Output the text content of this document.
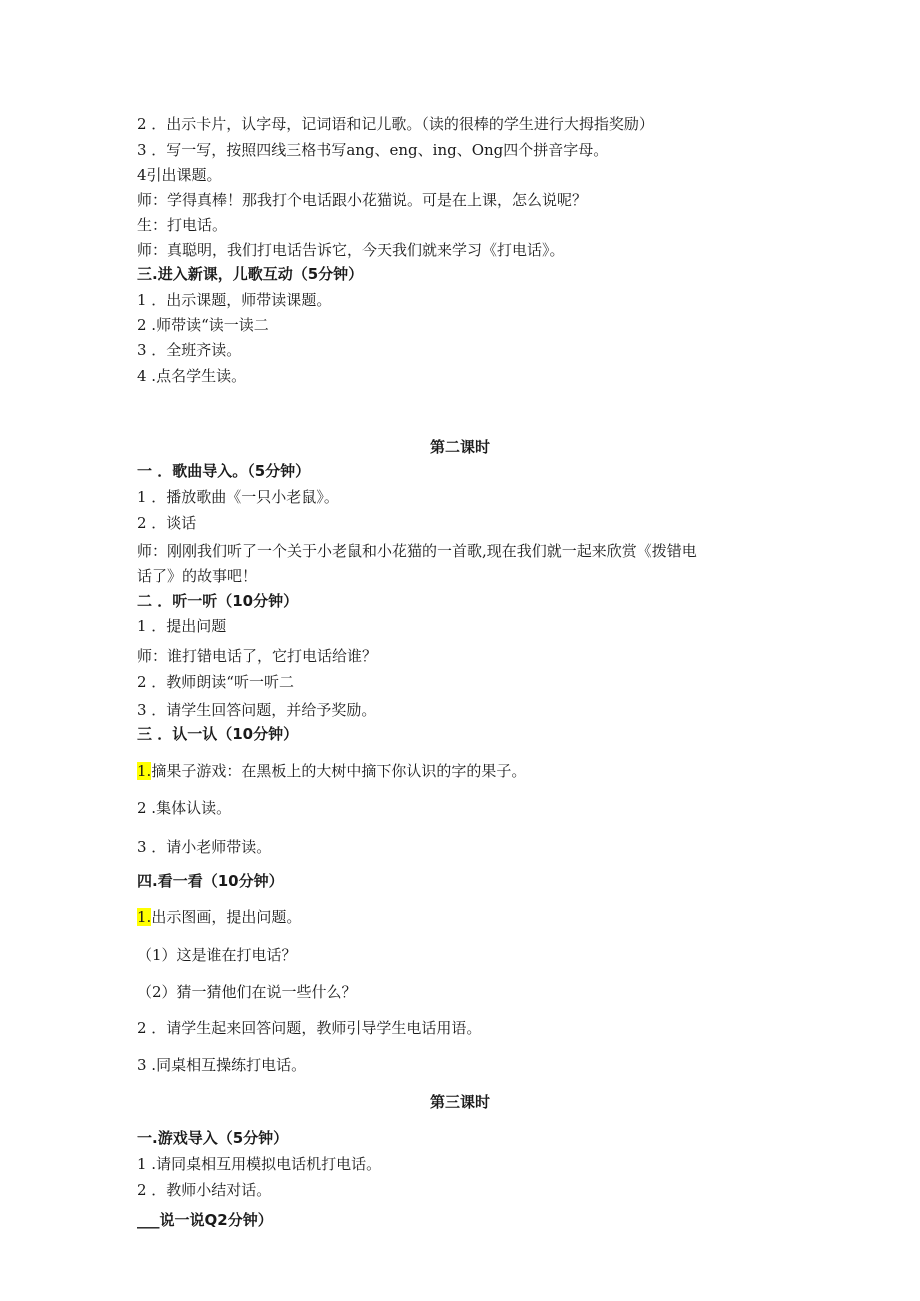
2 ．出示卡片，认字母，记词语和记儿歌。（读的很棒的学生进行大拇指奖励）
3 ．写一写，按照四线三格书写ang、eng、ing、Ong四个拼音字母。
4引出课题。
师：学得真棒！那我打个电话跟小花猫说。可是在上课，怎么说呢？
生：打电话。
师：真聪明，我们打电话告诉它，今天我们就来学习《打电话》。
三.进入新课，儿歌互动（5分钟）
1 ．出示课题，师带读课题。
2 .师带读“读一读二
3 ．全班齐读。
4 .点名学生读。
第二课时
一 ．歌曲导入。（5分钟）
1 ．播放歌曲《一只小老鼠》。
2 ．谈话
师：刚刚我们听了一个关于小老鼠和小花猫的一首歌,现在我们就一起来欣赏《拨错电
话了》的故事吧！
二 ．听一听（10分钟）
1 ．提出问题
师：谁打错电话了，它打电话给谁？
2 ．教师朗读“听一听二
3 ．请学生回答问题，并给予奖励。
三 ．认一认（10分钟）
1.摘果子游戏：在黑板上的大树中摘下你认识的字的果子。
2 .集体认读。
3 ．请小老师带读。
四.看一看（10分钟）
1.出示图画，提出问题。
（1）这是谁在打电话？
（2）猜一猜他们在说一些什么？
2 ．请学生起来回答问题，教师引导学生电话用语。
3 .同桌相互操练打电话。
第三课时
一.游戏导入（5分钟）
1 .请同桌相互用模拟电话机打电话。
2 ．教师小结对话。
___说一说Q2分钟）
